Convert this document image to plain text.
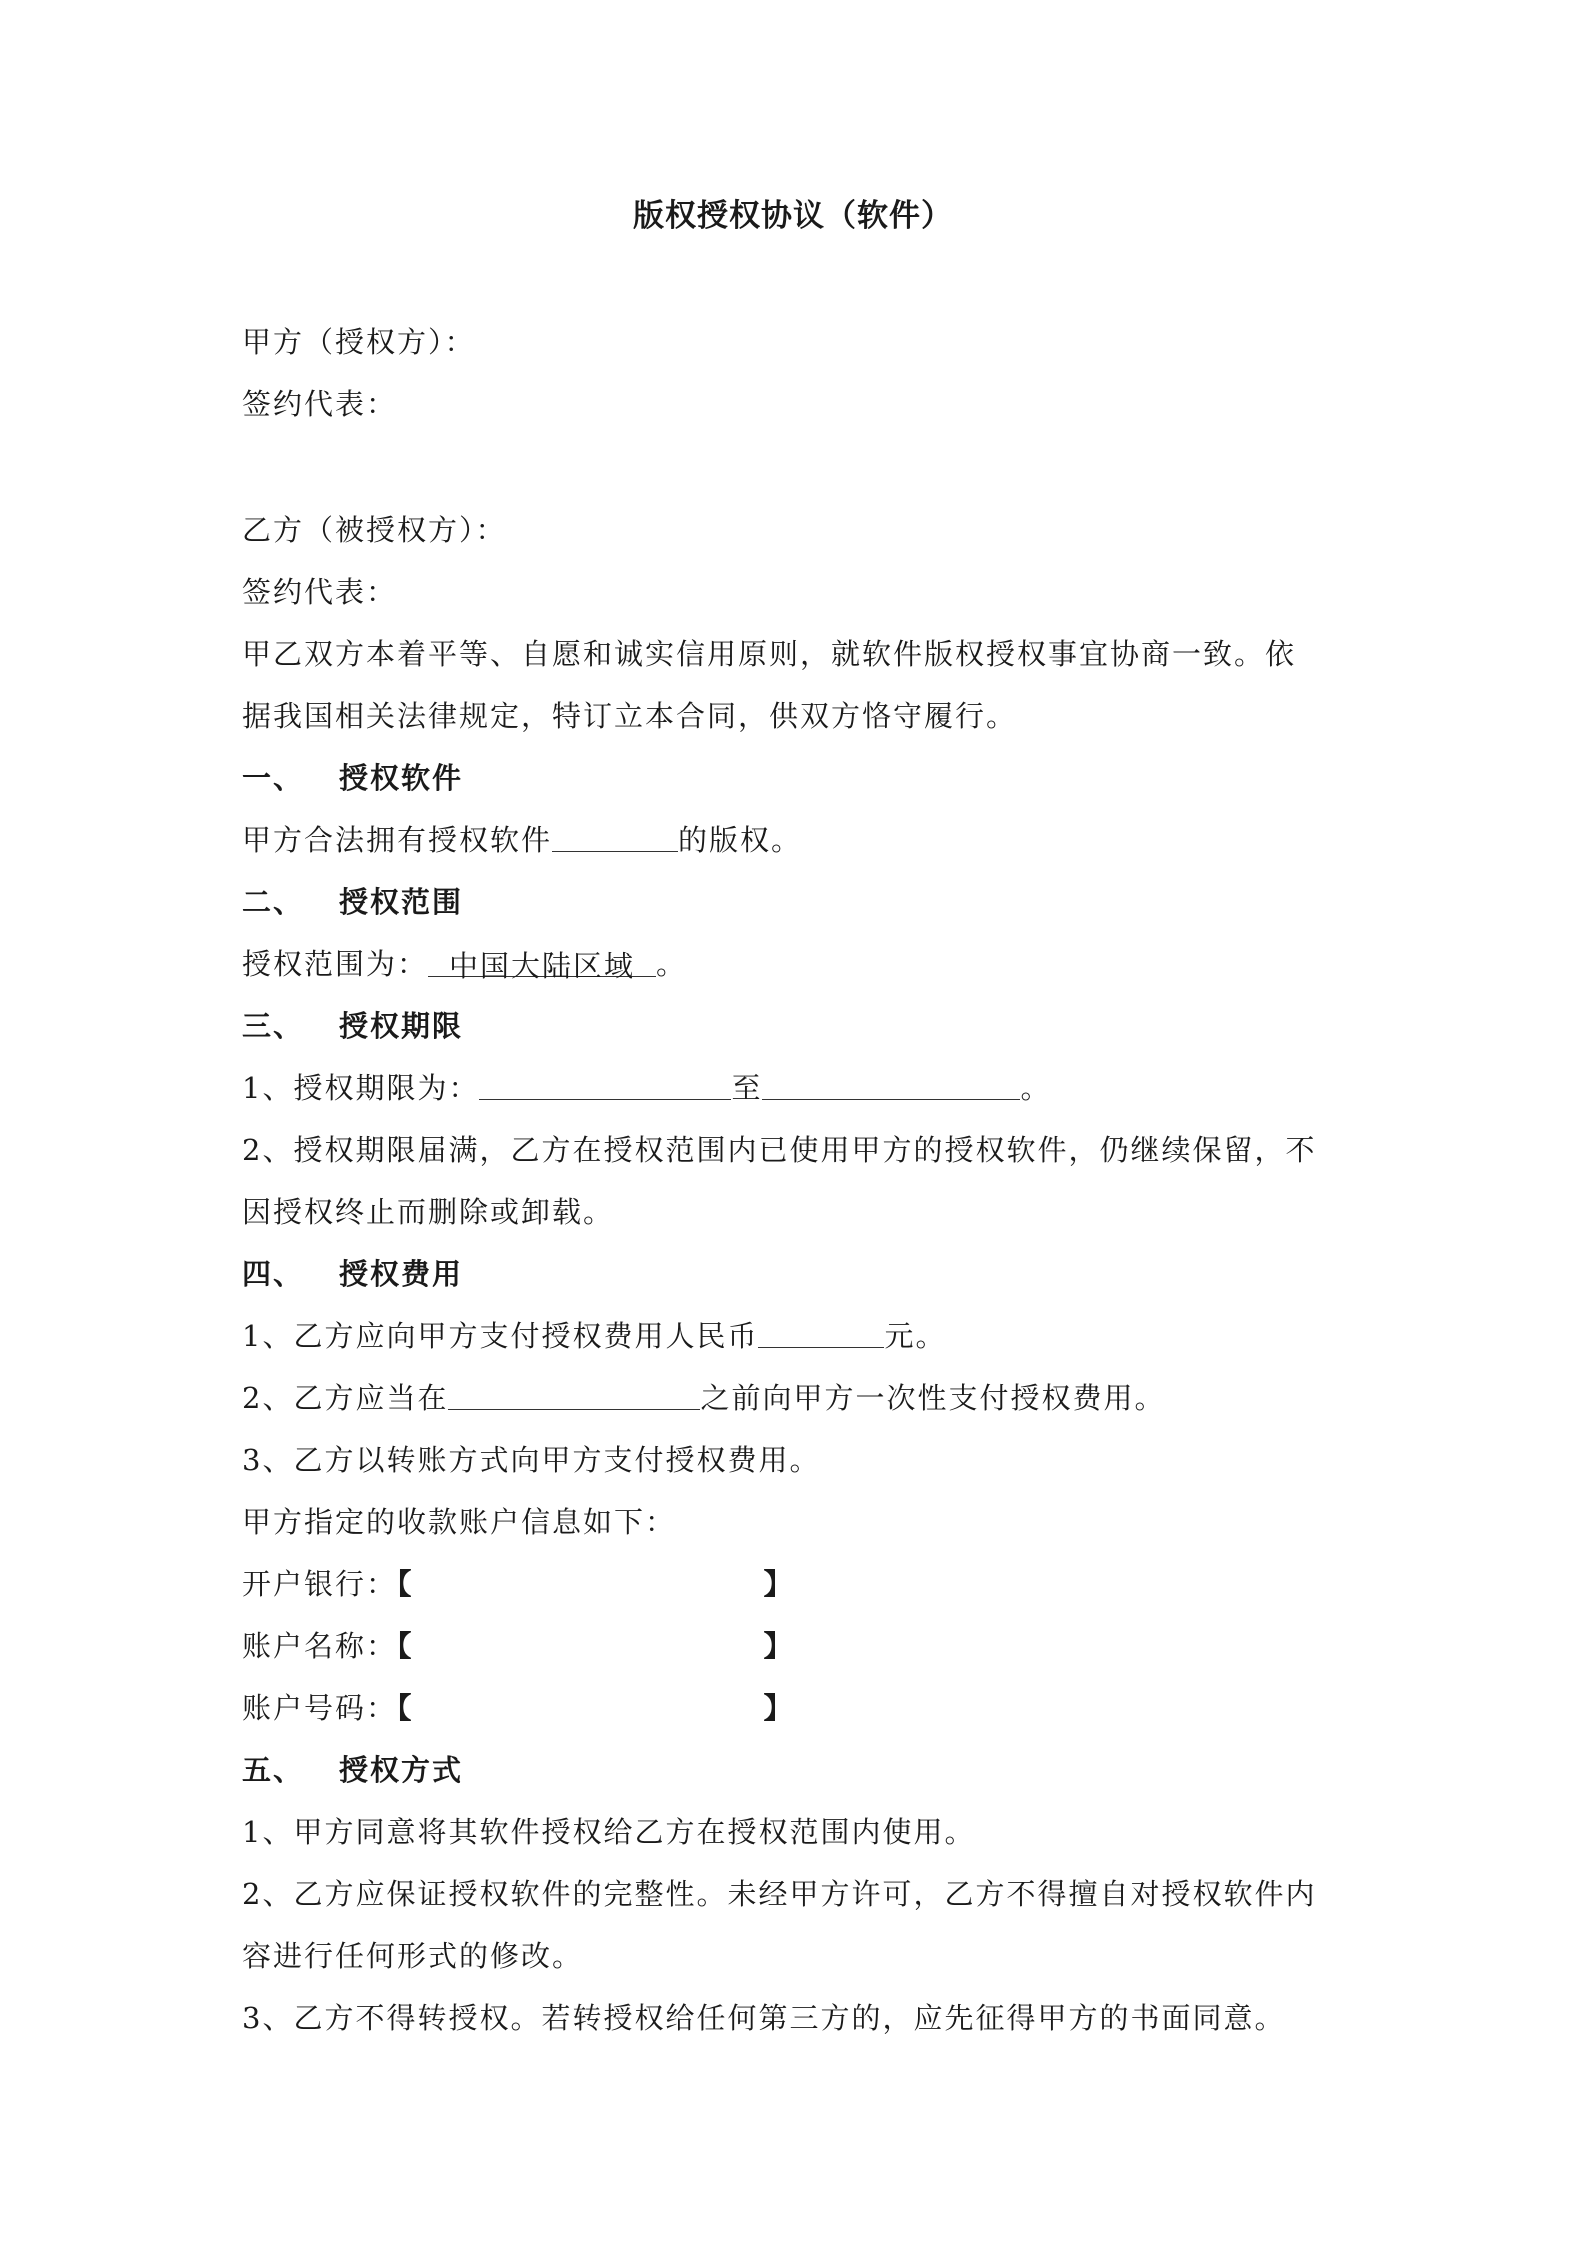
版权授权协议（软件）
甲方（授权方）：
签约代表：
乙方（被授权方）：
签约代表：
甲乙双方本着平等、自愿和诚实信用原则，就软件版权授权事宜协商一致。依
据我国相关法律规定，特订立本合同，供双方恪守履行。
一、 授权软件
甲方合法拥有授权软件	的版权。
二、 授权范围
授权范围为： 中国大陆区域 。
三、 授权期限
1、授权期限为：	至	。
2、授权期限届满，乙方在授权范围内已使用甲方的授权软件，仍继续保留，不
因授权终止而删除或卸载。
四、 授权费用
1、乙方应向甲方支付授权费用人民币	元。
2、乙方应当在	之前向甲方一次性支付授权费用。
3、乙方以转账方式向甲方支付授权费用。
甲方指定的收款账户信息如下：
开户银行：【	】
账户名称：【	】
账户号码：【	】
五、 授权方式
1、甲方同意将其软件授权给乙方在授权范围内使用。
2、乙方应保证授权软件的完整性。未经甲方许可，乙方不得擅自对授权软件内
容进行任何形式的修改。
3、乙方不得转授权。若转授权给任何第三方的，应先征得甲方的书面同意。
